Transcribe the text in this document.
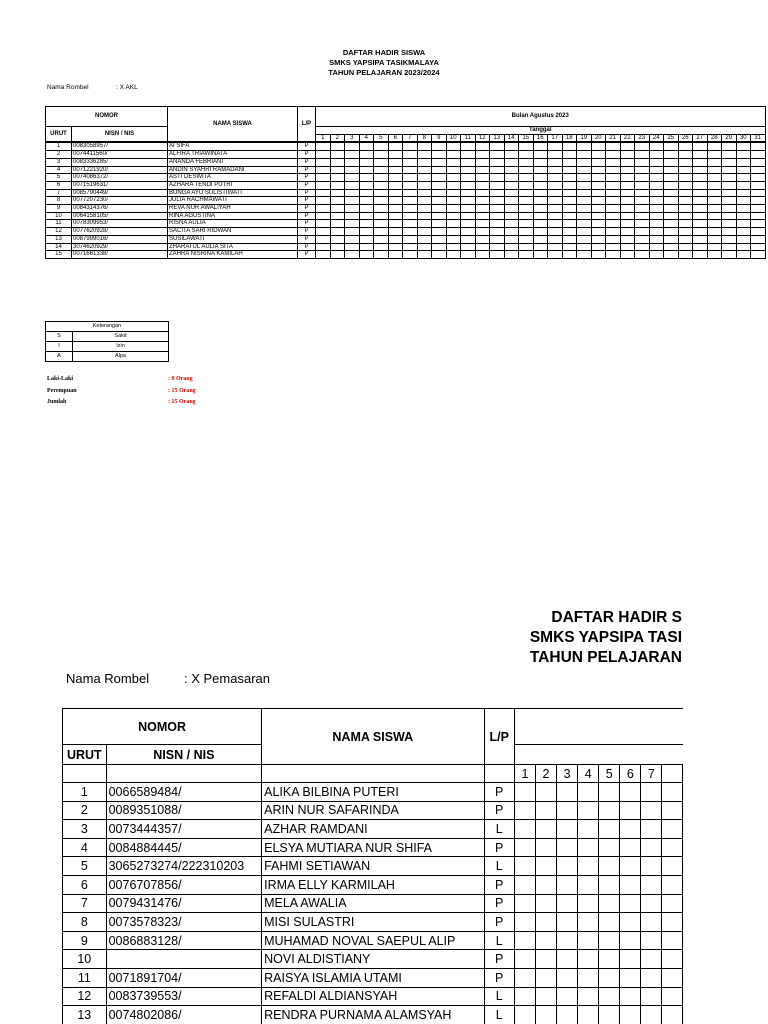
DAFTAR HADIR SISWA
SMKS YAPSIPA TASIKMALAYA
TAHUN PELAJARAN 2023/2024
Nama Rombel	: X AKL
NOMOR		NAMA SISWA	L/P	Bulan Agustus 2023																														
URUT	NISN / NIS			Tanggal																														
				1	2	3	4	5	6	7	8	9	10	11	12	13	14	15	16	17	18	19	20	21	22	23	24	25	26	27	28	29	30	31

1	0083058957/	AI SIFA	P																															
2	0074411560/	ALFIRA TRIAWINATA	P																															
3	0083336285/	ANANDA FEBRIANI	P																															
4	0071221920/	ANDIN SYAHRI RAMADANI	P																															
5	0074086372/	ASTI DESWITA	P																															
6	0071519631/	AZHARA TENDI PUTRI	P																															
7	0085790449/	BUNGA AYU SULISTIWATI	P																															
8	0077207230/	JULIA RACHMAWATI	P																															
9	0084314376/	REVA NUR AWALIYAH	P																															
10	0064158105/	RINA AGUSTINA	P																															
11	0078309953/	RISNA AULIA	P																															
12	0077620928/	SACITA SARI RIDWAN	P																															
13	0087999016/	SUSILAWATI	P																															
14	3074620929/	ZHARATUL AULIA SITA	P																															
15	0071661338/	ZAHRA NISRINA KAMILAH	P																															
Keterangan	
S	Sakit
I	Izin
A	Alpa
Laki-Laki	: 0 Orang
Perempuan	: 15 Orang
Jumlah	: 15 Orang
DAFTAR HADIR S
SMKS YAPSIPA TASI
TAHUN PELAJARAN
Nama Rombel	: X Pemasaran
NOMOR		NAMA SISWA	L/P								
URUT	NISN / NIS										

				1	2	3	4	5	6	7	
1	0066589484/	ALIKA BILBINA PUTERI	P								
2	0089351088/	ARIN NUR SAFARINDA	P								
3	0073444357/	AZHAR RAMDANI	L								
4	0084884445/	ELSYA MUTIARA NUR SHIFA	P								
5	3065273274/222310203	FAHMI SETIAWAN	L								
6	0076707856/	IRMA ELLY KARMILAH	P								
7	0079431476/	MELA AWALIA	P								
8	0073578323/	MISI SULASTRI	P								
9	0086883128/	MUHAMAD NOVAL SAEPUL ALIP	L								
10		NOVI ALDISTIANY	P								
11	0071891704/	RAISYA ISLAMIA UTAMI	P								
12	0083739553/	REFALDI ALDIANSYAH	L								
13	0074802086/	RENDRA PURNAMA ALAMSYAH	L								
